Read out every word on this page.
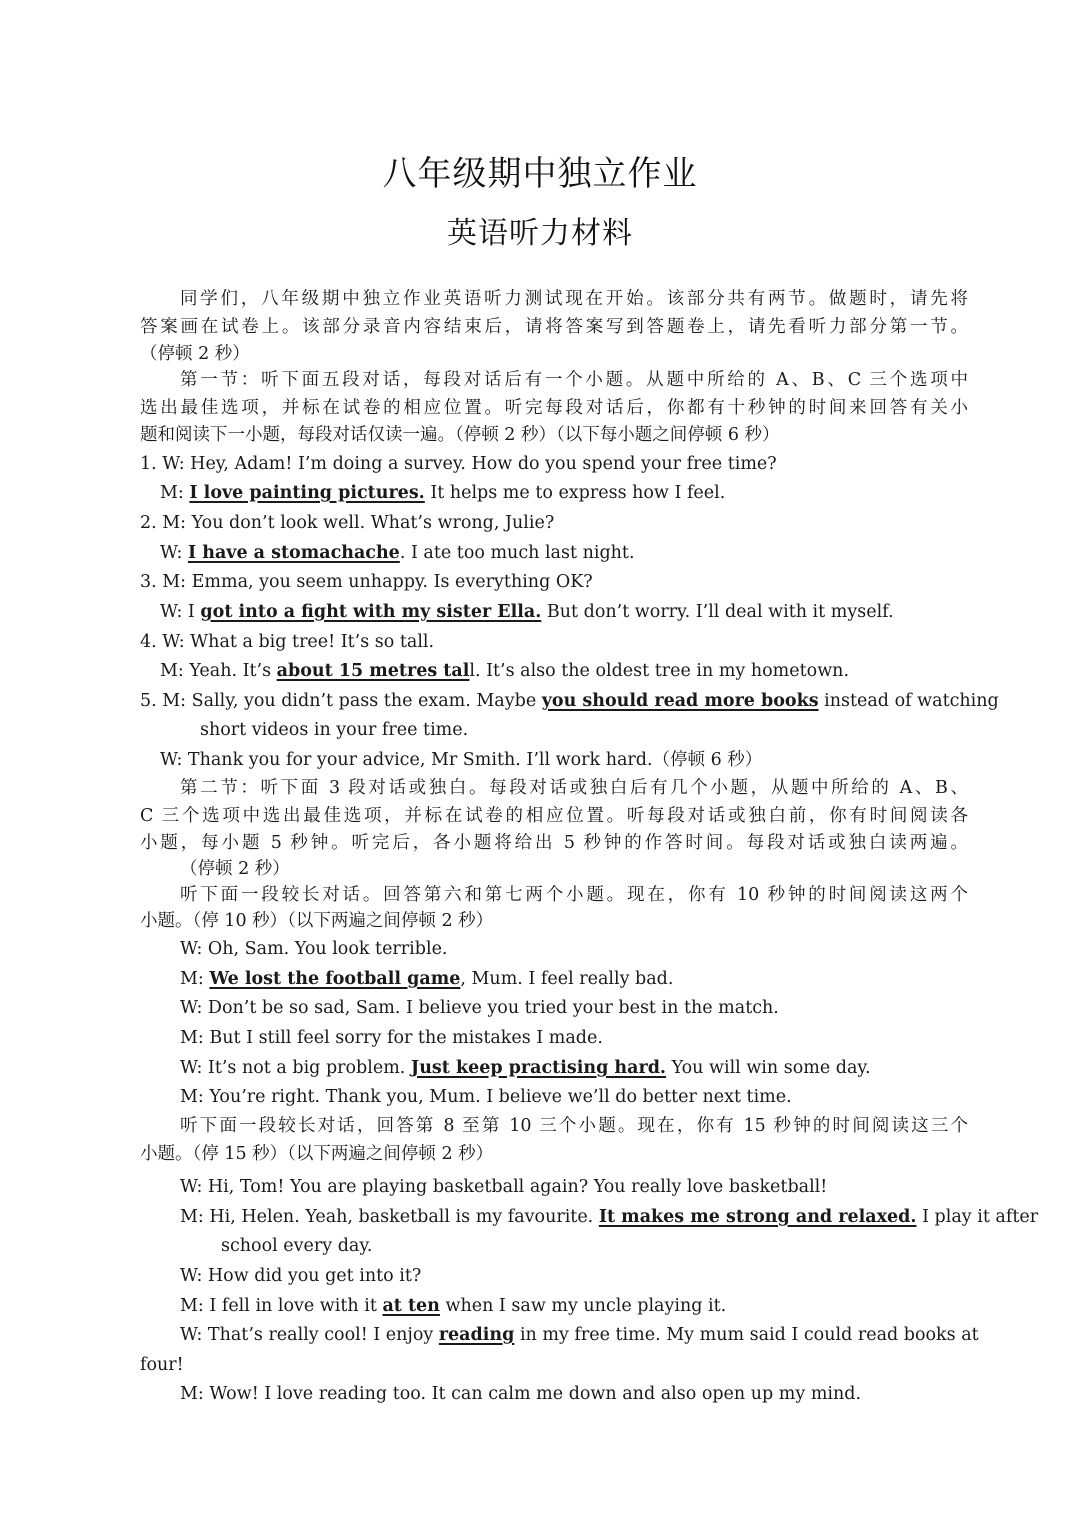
八年级期中独立作业
英语听力材料
同学们，八年级期中独立作业英语听力测试现在开始。该部分共有两节。做题时，请先将
答案画在试卷上。该部分录音内容结束后，请将答案写到答题卷上，请先看听力部分第一节。
（停顿 2 秒）
第一节：听下面五段对话，每段对话后有一个小题。从题中所给的 A、B、C 三个选项中
选出最佳选项，并标在试卷的相应位置。听完每段对话后，你都有十秒钟的时间来回答有关小
题和阅读下一小题，每段对话仅读一遍。（停顿 2 秒）（以下每小题之间停顿 6 秒）
1. W: Hey, Adam! I’m doing a survey. How do you spend your free time?
M: I love painting pictures. It helps me to express how I feel.
2. M: You don’t look well. What’s wrong, Julie?
W: I have a stomachache. I ate too much last night.
3. M: Emma, you seem unhappy. Is everything OK?
W: I got into a fight with my sister Ella. But don’t worry. I’ll deal with it myself.
4. W: What a big tree! It’s so tall.
M: Yeah. It’s about 15 metres tall. It’s also the oldest tree in my hometown.
5. M: Sally, you didn’t pass the exam. Maybe you should read more books instead of watching
short videos in your free time.
W: Thank you for your advice, Mr Smith. I’ll work hard.（停顿 6 秒）
第二节：听下面 3 段对话或独白。每段对话或独白后有几个小题，从题中所给的 A、B、
C 三个选项中选出最佳选项，并标在试卷的相应位置。听每段对话或独白前，你有时间阅读各
小题，每小题 5 秒钟。听完后，各小题将给出 5 秒钟的作答时间。每段对话或独白读两遍。
（停顿 2 秒）
听下面一段较长对话。回答第六和第七两个小题。现在，你有 10 秒钟的时间阅读这两个
小题。（停 10 秒）（以下两遍之间停顿 2 秒）
W: Oh, Sam. You look terrible.
M: We lost the football game, Mum. I feel really bad.
W: Don’t be so sad, Sam. I believe you tried your best in the match.
M: But I still feel sorry for the mistakes I made.
W: It’s not a big problem. Just keep practising hard. You will win some day.
M: You’re right. Thank you, Mum. I believe we’ll do better next time.
听下面一段较长对话，回答第 8 至第 10 三个小题。现在，你有 15 秒钟的时间阅读这三个
小题。（停 15 秒）（以下两遍之间停顿 2 秒）
W: Hi, Tom! You are playing basketball again? You really love basketball!
M: Hi, Helen. Yeah, basketball is my favourite. It makes me strong and relaxed. I play it after
school every day.
W: How did you get into it?
M: I fell in love with it at ten when I saw my uncle playing it.
W: That’s really cool! I enjoy reading in my free time. My mum said I could read books at
four!
M: Wow! I love reading too. It can calm me down and also open up my mind.
